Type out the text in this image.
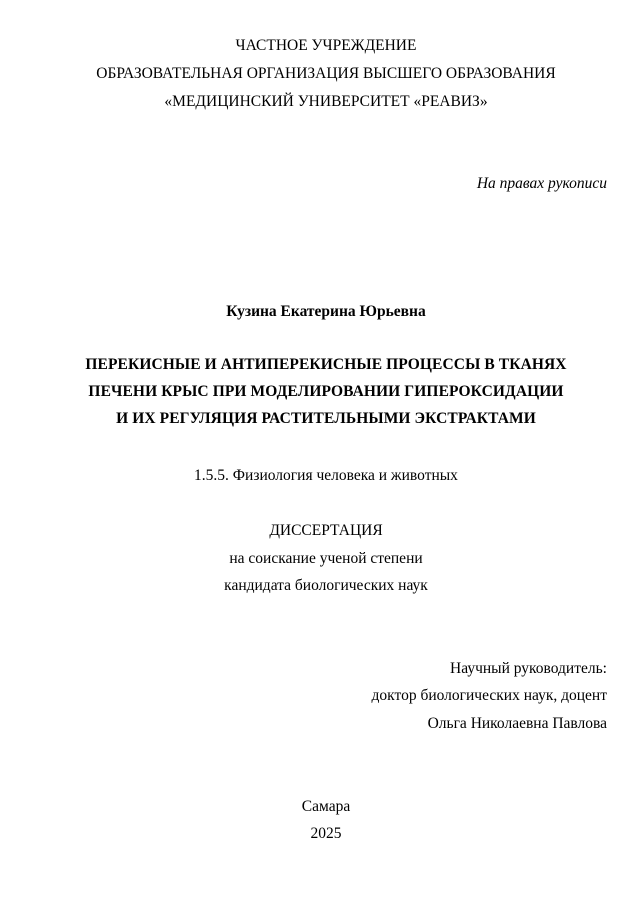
ЧАСТНОЕ УЧРЕЖДЕНИЕ
ОБРАЗОВАТЕЛЬНАЯ ОРГАНИЗАЦИЯ ВЫСШЕГО ОБРАЗОВАНИЯ
«МЕДИЦИНСКИЙ УНИВЕРСИТЕТ «РЕАВИЗ»
На правах рукописи
Кузина Екатерина Юрьевна
ПЕРЕКИСНЫЕ И АНТИПЕРЕКИСНЫЕ ПРОЦЕССЫ В ТКАНЯХ
ПЕЧЕНИ КРЫС ПРИ МОДЕЛИРОВАНИИ ГИПЕРОКСИДАЦИИ
И ИХ РЕГУЛЯЦИЯ РАСТИТЕЛЬНЫМИ ЭКСТРАКТАМИ
1.5.5. Физиология человека и животных
ДИССЕРТАЦИЯ
на соискание ученой степени
кандидата биологических наук
Научный руководитель:
доктор биологических наук, доцент
Ольга Николаевна Павлова
Самара
2025
